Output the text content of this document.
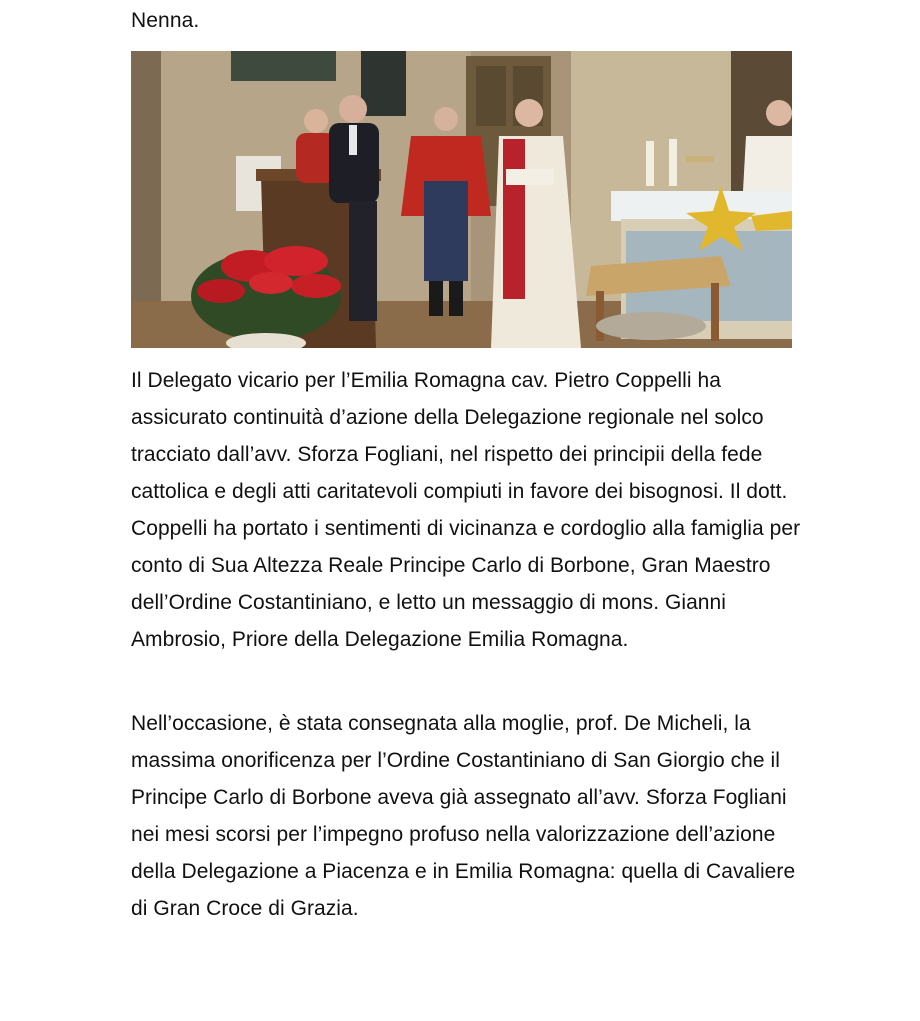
Nenna.

Il Delegato vicario per l’Emilia Romagna cav. Pietro Coppelli ha assicurato continuità d’azione della Delegazione regionale nel solco tracciato dall’avv. Sforza Fogliani, nel rispetto dei principii della fede cattolica e degli atti caritatevoli compiuti in favore dei bisognosi. Il dott. Coppelli ha portato i sentimenti di vicinanza e cordoglio alla famiglia per conto di Sua Altezza Reale Principe Carlo di Borbone, Gran Maestro dell’Ordine Costantiniano, e letto un messaggio di mons. Gianni Ambrosio, Priore della Delegazione Emilia Romagna.

Nell’occasione, è stata consegnata alla moglie, prof. De Micheli, la massima onorificenza per l’Ordine Costantiniano di San Giorgio che il Principe Carlo di Borbone aveva già assegnato all’avv. Sforza Fogliani nei mesi scorsi per l’impegno profuso nella valorizzazione dell’azione della Delegazione a Piacenza e in Emilia Romagna: quella di Cavaliere di Gran Croce di Grazia.
